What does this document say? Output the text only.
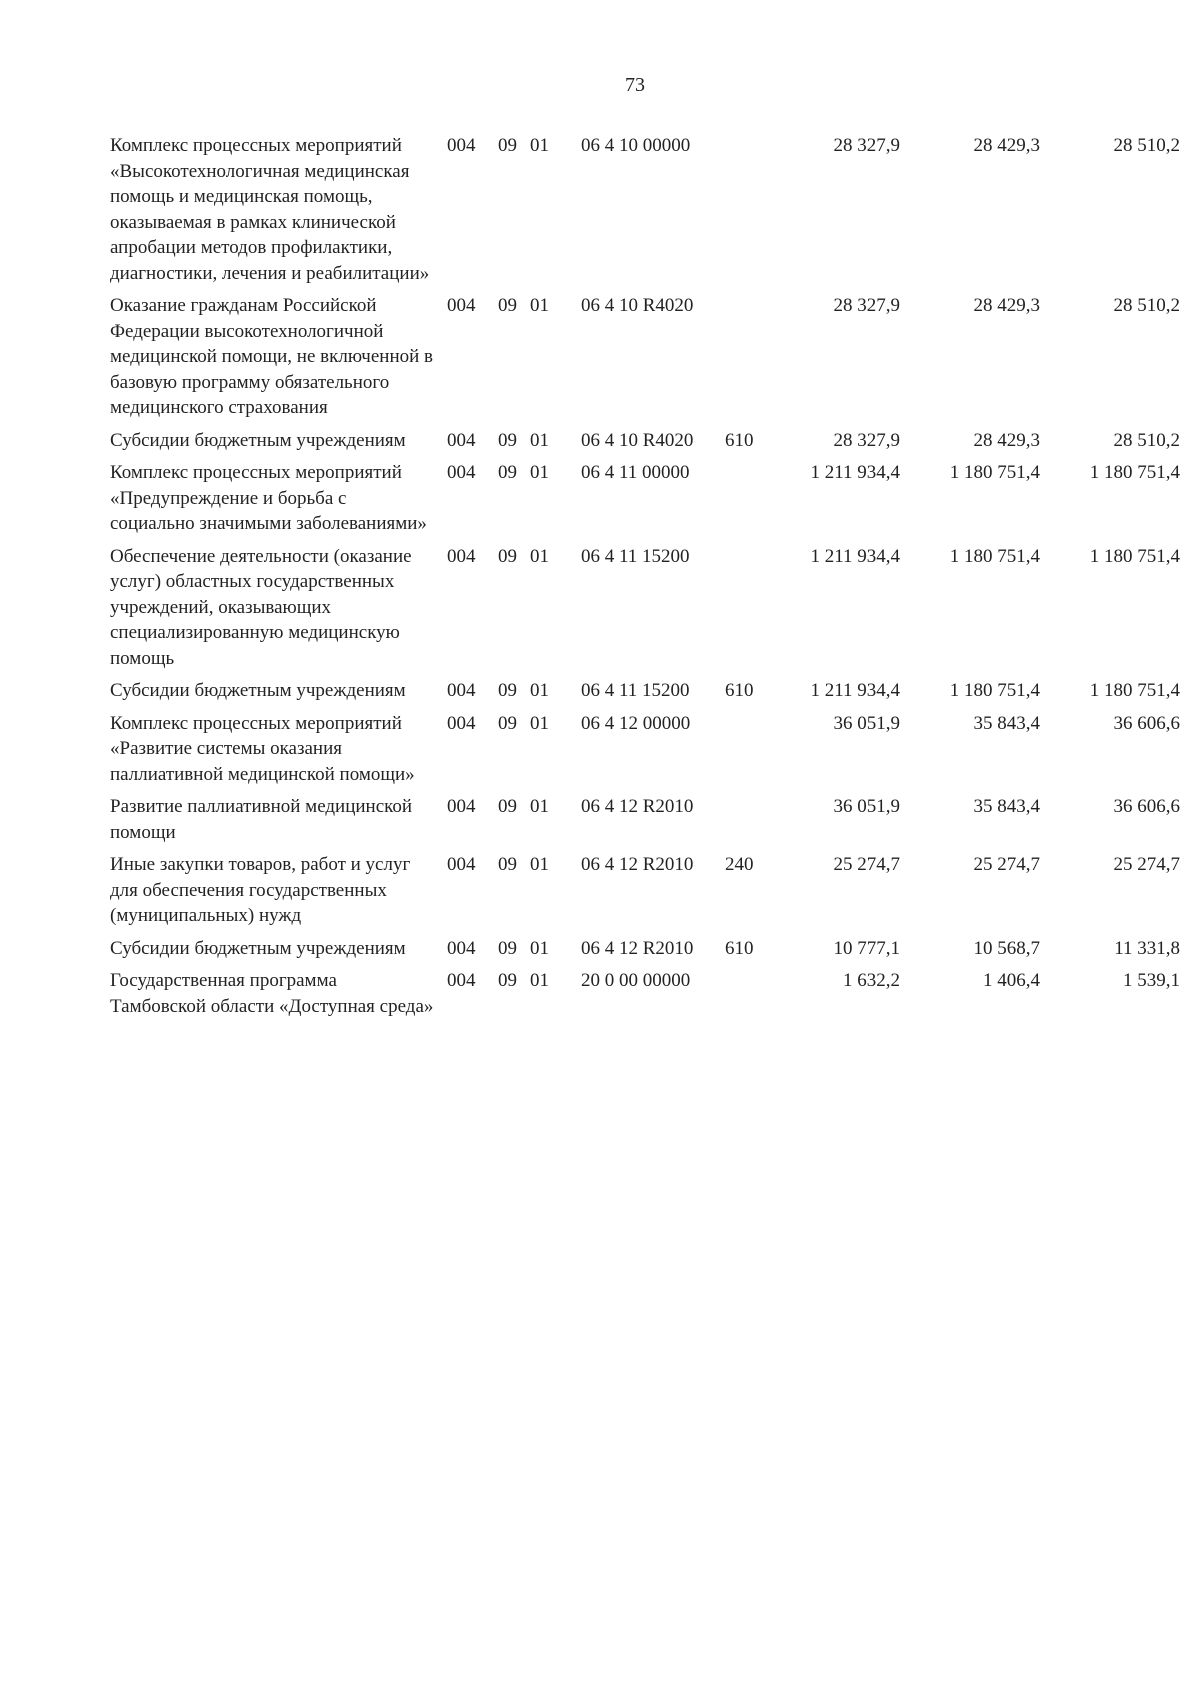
73
Комплекс процессных мероприятий «Высокотехнологичная медицинская помощь и медицинская помощь, оказываемая в рамках клинической апробации методов профилактики, диагностики, лечения и реабилитации»
004 09 01 06 4 10 00000	28 327,9	28 429,3	28 510,2
Оказание гражданам Российской Федерации высокотехнологичной медицинской помощи, не включенной в базовую программу обязательного медицинского страхования
004 09 01 06 4 10 R4020	28 327,9	28 429,3	28 510,2
Субсидии бюджетным учреждениям	004 09 01 06 4 10 R4020 610	28 327,9	28 429,3	28 510,2
Комплекс процессных мероприятий «Предупреждение и борьба с социально значимыми заболеваниями»
004 09 01 06 4 11 00000	1 211 934,4	1 180 751,4	1 180 751,4
Обеспечение деятельности (оказание услуг) областных государственных учреждений, оказывающих специализированную медицинскую помощь
004 09 01 06 4 11 15200	1 211 934,4	1 180 751,4	1 180 751,4
Субсидии бюджетным учреждениям	004 09 01 06 4 11 15200 610	1 211 934,4	1 180 751,4	1 180 751,4
Комплекс процессных мероприятий «Развитие системы оказания паллиативной медицинской помощи»
004 09 01 06 4 12 00000	36 051,9	35 843,4	36 606,6
Развитие паллиативной медицинской помощи
004 09 01 06 4 12 R2010	36 051,9	35 843,4	36 606,6
Иные закупки товаров, работ и услуг для обеспечения государственных (муниципальных) нужд
004 09 01 06 4 12 R2010 240	25 274,7	25 274,7	25 274,7
Субсидии бюджетным учреждениям	004 09 01 06 4 12 R2010 610	10 777,1	10 568,7	11 331,8
Государственная программа Тамбовской области «Доступная среда»
004 09 01 20 0 00 00000	1 632,2	1 406,4	1 539,1
